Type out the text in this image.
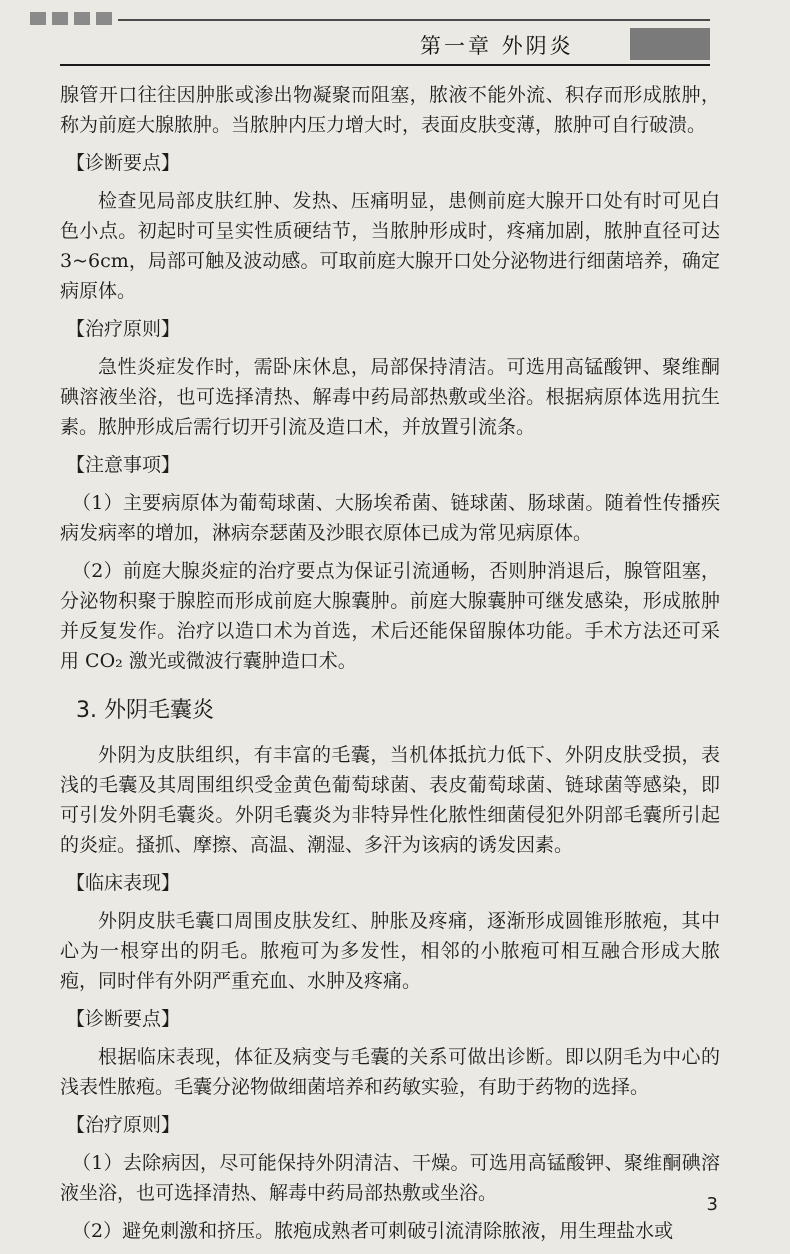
第一章 外阴炎

腺管开口往往因肿胀或渗出物凝聚而阻塞，脓液不能外流、积存而形成脓肿，称为前庭大腺脓肿。当脓肿内压力增大时，表面皮肤变薄，脓肿可自行破溃。

【诊断要点】

检查见局部皮肤红肿、发热、压痛明显，患侧前庭大腺开口处有时可见白色小点。初起时可呈实性质硬结节，当脓肿形成时，疼痛加剧，脓肿直径可达3~6cm，局部可触及波动感。可取前庭大腺开口处分泌物进行细菌培养，确定病原体。

【治疗原则】

急性炎症发作时，需卧床休息，局部保持清洁。可选用高锰酸钾、聚维酮碘溶液坐浴，也可选择清热、解毒中药局部热敷或坐浴。根据病原体选用抗生素。脓肿形成后需行切开引流及造口术，并放置引流条。

【注意事项】

（1）主要病原体为葡萄球菌、大肠埃希菌、链球菌、肠球菌。随着性传播疾病发病率的增加，淋病奈瑟菌及沙眼衣原体已成为常见病原体。

（2）前庭大腺炎症的治疗要点为保证引流通畅，否则肿消退后，腺管阻塞，分泌物积聚于腺腔而形成前庭大腺囊肿。前庭大腺囊肿可继发感染，形成脓肿并反复发作。治疗以造口术为首选，术后还能保留腺体功能。手术方法还可采用 CO₂ 激光或微波行囊肿造口术。

3. 外阴毛囊炎

外阴为皮肤组织，有丰富的毛囊，当机体抵抗力低下、外阴皮肤受损，表浅的毛囊及其周围组织受金黄色葡萄球菌、表皮葡萄球菌、链球菌等感染，即可引发外阴毛囊炎。外阴毛囊炎为非特异性化脓性细菌侵犯外阴部毛囊所引起的炎症。搔抓、摩擦、高温、潮湿、多汗为该病的诱发因素。

【临床表现】

外阴皮肤毛囊口周围皮肤发红、肿胀及疼痛，逐渐形成圆锥形脓疱，其中心为一根穿出的阴毛。脓疱可为多发性，相邻的小脓疱可相互融合形成大脓疱，同时伴有外阴严重充血、水肿及疼痛。

【诊断要点】

根据临床表现，体征及病变与毛囊的关系可做出诊断。即以阴毛为中心的浅表性脓疱。毛囊分泌物做细菌培养和药敏实验，有助于药物的选择。

【治疗原则】

（1）去除病因，尽可能保持外阴清洁、干燥。可选用高锰酸钾、聚维酮碘溶液坐浴，也可选择清热、解毒中药局部热敷或坐浴。

（2）避免刺激和挤压。脓疱成熟者可刺破引流清除脓液，用生理盐水或

3
